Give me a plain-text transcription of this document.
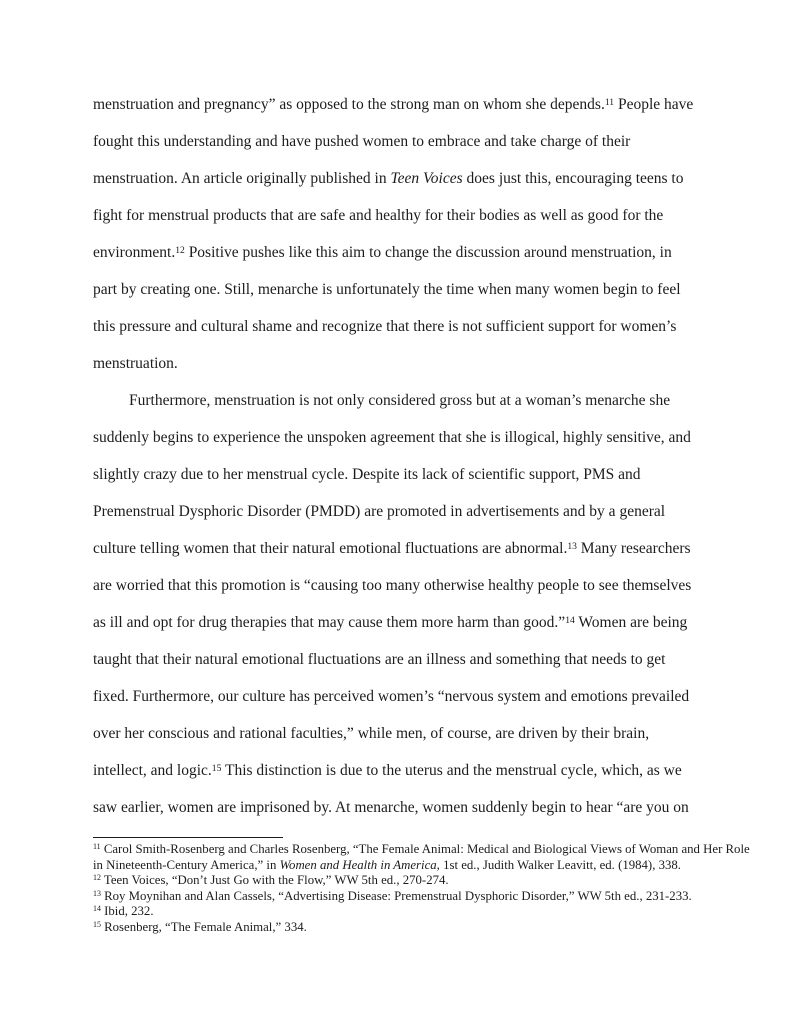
menstruation and pregnancy” as opposed to the strong man on whom she depends.$^{11}$ People have
fought this understanding and have pushed women to embrace and take charge of their
menstruation. An article originally published in Teen Voices does just this, encouraging teens to
fight for menstrual products that are safe and healthy for their bodies as well as good for the
environment.$^{12}$ Positive pushes like this aim to change the discussion around menstruation, in
part by creating one. Still, menarche is unfortunately the time when many women begin to feel
this pressure and cultural shame and recognize that there is not sufficient support for women’s
menstruation.
Furthermore, menstruation is not only considered gross but at a woman’s menarche she
suddenly begins to experience the unspoken agreement that she is illogical, highly sensitive, and
slightly crazy due to her menstrual cycle. Despite its lack of scientific support, PMS and
Premenstrual Dysphoric Disorder (PMDD) are promoted in advertisements and by a general
culture telling women that their natural emotional fluctuations are abnormal.$^{13}$ Many researchers
are worried that this promotion is “causing too many otherwise healthy people to see themselves
as ill and opt for drug therapies that may cause them more harm than good.”$^{14}$ Women are being
taught that their natural emotional fluctuations are an illness and something that needs to get
fixed. Furthermore, our culture has perceived women’s “nervous system and emotions prevailed
over her conscious and rational faculties,” while men, of course, are driven by their brain,
intellect, and logic.$^{15}$ This distinction is due to the uterus and the menstrual cycle, which, as we
saw earlier, women are imprisoned by. At menarche, women suddenly begin to hear “are you on
$^{11}$ Carol Smith-Rosenberg and Charles Rosenberg, “The Female Animal: Medical and Biological Views of Woman and Her Role
in Nineteenth-Century America,” in Women and Health in America, 1st ed., Judith Walker Leavitt, ed. (1984), 338.
$^{12}$ Teen Voices, “Don’t Just Go with the Flow,” WW 5th ed., 270-274.
$^{13}$ Roy Moynihan and Alan Cassels, “Advertising Disease: Premenstrual Dysphoric Disorder,” WW 5th ed., 231-233.
$^{14}$ Ibid, 232.
$^{15}$ Rosenberg, “The Female Animal,” 334.
